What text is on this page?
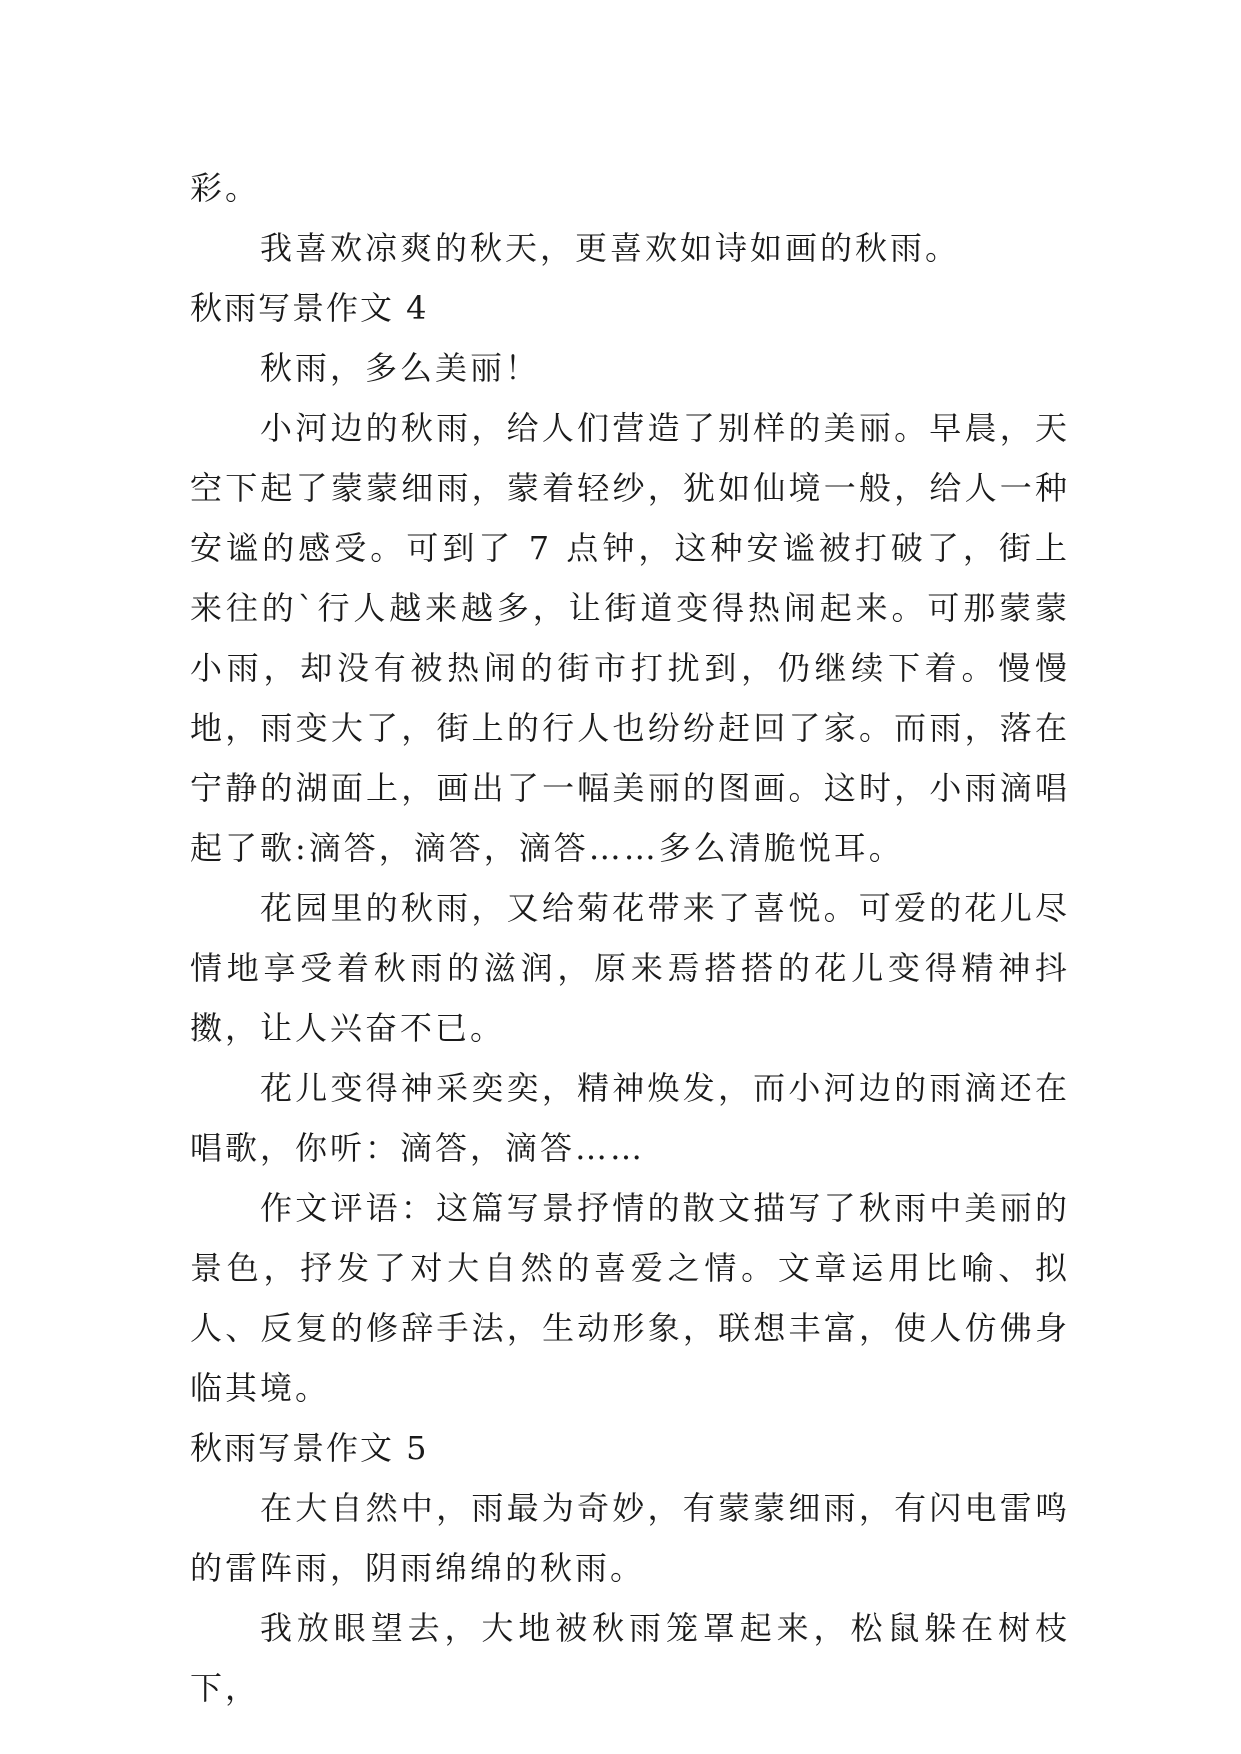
彩。

我喜欢凉爽的秋天，更喜欢如诗如画的秋雨。

秋雨写景作文 4

秋雨，多么美丽！

小河边的秋雨，给人们营造了别样的美丽。早晨，天空下起了蒙蒙细雨，蒙着轻纱，犹如仙境一般，给人一种安谧的感受。可到了 7 点钟，这种安谧被打破了，街上来往的`行人越来越多，让街道变得热闹起来。可那蒙蒙小雨，却没有被热闹的街市打扰到，仍继续下着。慢慢地，雨变大了，街上的行人也纷纷赶回了家。而雨，落在宁静的湖面上，画出了一幅美丽的图画。这时，小雨滴唱起了歌:滴答，滴答，滴答……多么清脆悦耳。

花园里的秋雨，又给菊花带来了喜悦。可爱的花儿尽情地享受着秋雨的滋润，原来焉搭搭的花儿变得精神抖擞，让人兴奋不已。

花儿变得神采奕奕，精神焕发，而小河边的雨滴还在唱歌，你听：滴答，滴答……

作文评语：这篇写景抒情的散文描写了秋雨中美丽的景色，抒发了对大自然的喜爱之情。文章运用比喻、拟人、反复的修辞手法，生动形象，联想丰富，使人仿佛身临其境。

秋雨写景作文 5

在大自然中，雨最为奇妙，有蒙蒙细雨，有闪电雷鸣的雷阵雨，阴雨绵绵的秋雨。

我放眼望去，大地被秋雨笼罩起来，松鼠躲在树枝下，
